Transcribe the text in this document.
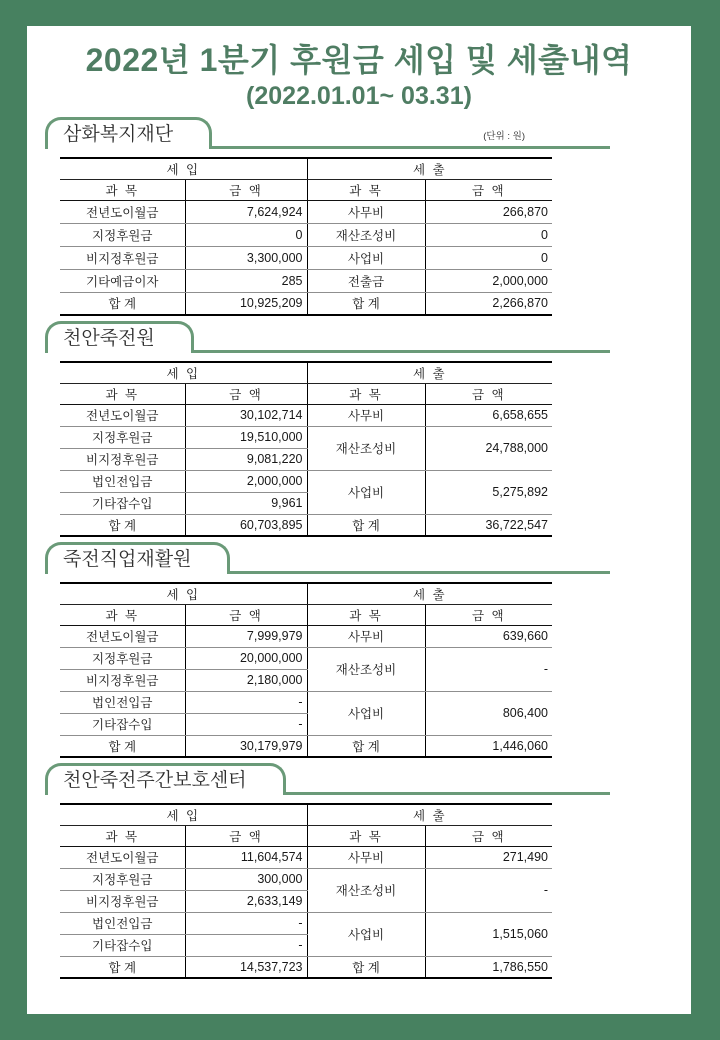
2022년 1분기 후원금 세입 및 세출내역
(2022.01.01~ 03.31)
삼화복지재단	(단위 : 원)
세 입		세 출	
과 목	금 액	과 목	금 액
전년도이월금	7,624,924	사무비	266,870
지정후원금	0	재산조성비	0
비지정후원금	3,300,000	사업비	0
기타예금이자	285	전출금	2,000,000
합 계	10,925,209	합 계	2,266,870
천안죽전원
세 입		세 출	
과 목	금 액	과 목	금 액
전년도이월금	30,102,714	사무비	6,658,655
지정후원금	19,510,000	재산조성비	24,788,000
비지정후원금	9,081,220		
법인전입금	2,000,000	사업비	5,275,892
기타잡수입	9,961		
합 계	60,703,895	합 계	36,722,547
죽전직업재활원
세 입		세 출	
과 목	금 액	과 목	금 액
전년도이월금	7,999,979	사무비	639,660
지정후원금	20,000,000	재산조성비	-
비지정후원금	2,180,000		
법인전입금	-	사업비	806,400
기타잡수입	-		
합 계	30,179,979	합 계	1,446,060
천안죽전주간보호센터
세 입		세 출	
과 목	금 액	과 목	금 액
전년도이월금	11,604,574	사무비	271,490
지정후원금	300,000	재산조성비	-
비지정후원금	2,633,149		
법인전입금	-	사업비	1,515,060
기타잡수입	-		
합 계	14,537,723	합 계	1,786,550
